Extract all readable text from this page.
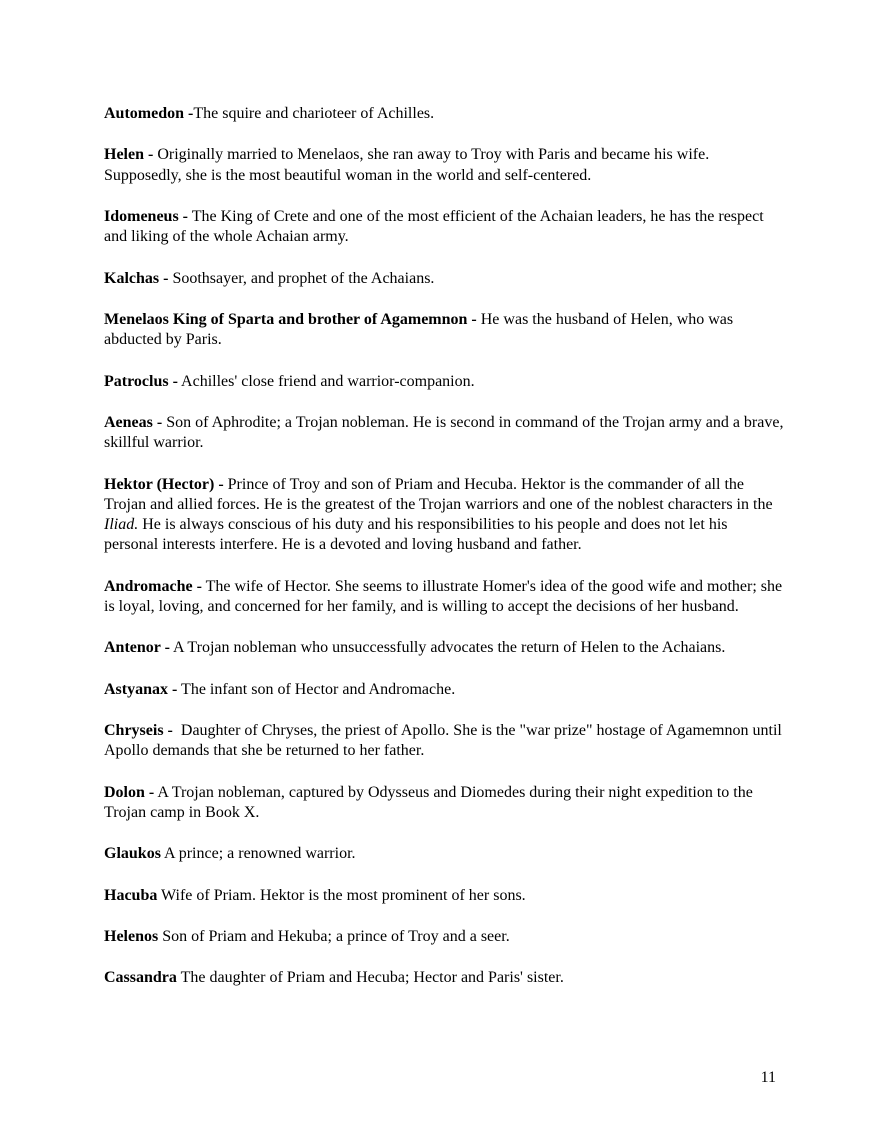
Automedon -The squire and charioteer of Achilles.

Helen - Originally married to Menelaos, she ran away to Troy with Paris and became his wife. Supposedly, she is the most beautiful woman in the world and self-centered.

Idomeneus - The King of Crete and one of the most efficient of the Achaian leaders, he has the respect and liking of the whole Achaian army.

Kalchas - Soothsayer, and prophet of the Achaians.

Menelaos King of Sparta and brother of Agamemnon - He was the husband of Helen, who was abducted by Paris.

Patroclus - Achilles' close friend and warrior-companion.

Aeneas - Son of Aphrodite; a Trojan nobleman. He is second in command of the Trojan army and a brave, skillful warrior.

Hektor (Hector) - Prince of Troy and son of Priam and Hecuba. Hektor is the commander of all the Trojan and allied forces. He is the greatest of the Trojan warriors and one of the noblest characters in the Iliad. He is always conscious of his duty and his responsibilities to his people and does not let his personal interests interfere. He is a devoted and loving husband and father.

Andromache - The wife of Hector. She seems to illustrate Homer's idea of the good wife and mother; she is loyal, loving, and concerned for her family, and is willing to accept the decisions of her husband.

Antenor - A Trojan nobleman who unsuccessfully advocates the return of Helen to the Achaians.

Astyanax - The infant son of Hector and Andromache.

Chryseis -  Daughter of Chryses, the priest of Apollo. She is the "war prize" hostage of Agamemnon until Apollo demands that she be returned to her father.

Dolon - A Trojan nobleman, captured by Odysseus and Diomedes during their night expedition to the Trojan camp in Book X.

Glaukos A prince; a renowned warrior.

Hacuba Wife of Priam. Hektor is the most prominent of her sons.

Helenos Son of Priam and Hekuba; a prince of Troy and a seer.

Cassandra The daughter of Priam and Hecuba; Hector and Paris' sister.

11
